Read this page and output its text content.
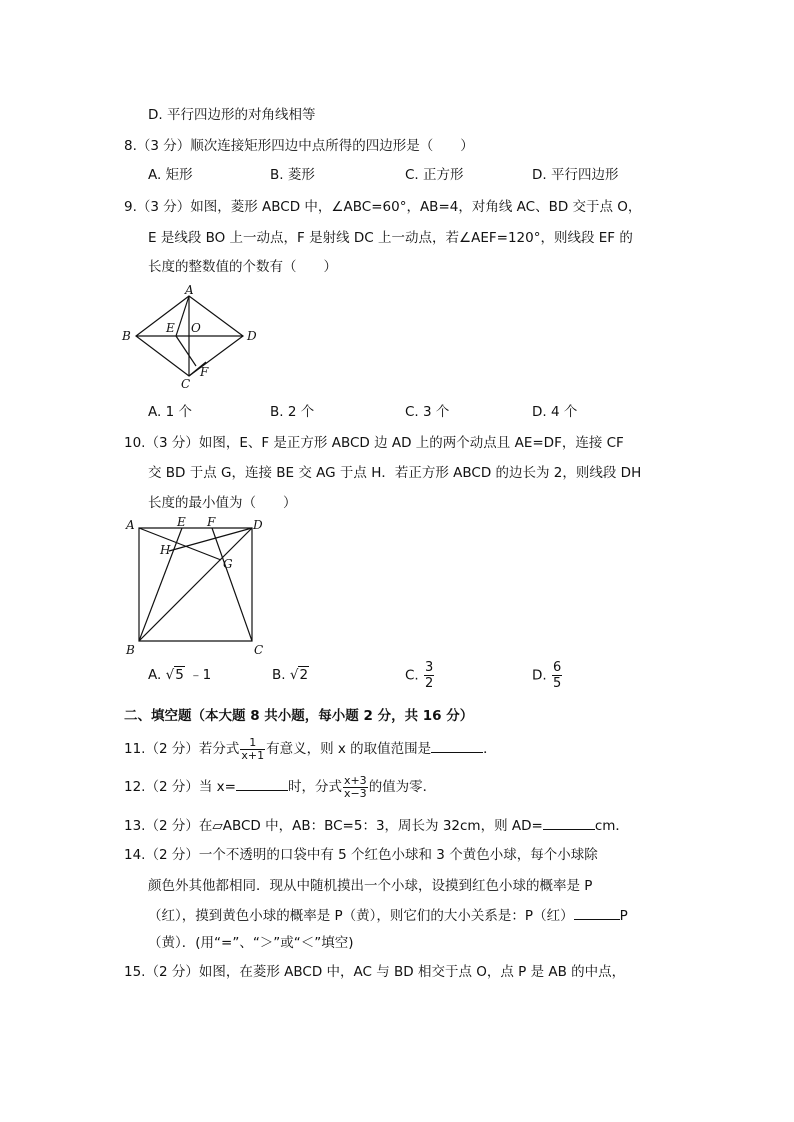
D. 平行四边形的对角线相等
8.（3 分）顺次连接矩形四边中点所得的四边形是（　　）
A. 矩形	B. 菱形	C. 正方形	D. 平行四边形
9.（3 分）如图，菱形 ABCD 中，∠ABC=60°，AB=4，对角线 AC、BD 交于点 O，
E 是线段 BO 上一动点，F 是射线 DC 上一动点，若∠AEF=120°，则线段 EF 的
长度的整数值的个数有（　　）
A
B
C
D
E O
F
A. 1 个	B. 2 个	C. 3 个	D. 4 个
10.（3 分）如图，E、F 是正方形 ABCD 边 AD 上的两个动点且 AE=DF，连接 CF
交 BD 于点 G，连接 BE 交 AG 于点 H．若正方形 ABCD 的边长为 2，则线段 DH
长度的最小值为（　　）
A
B	C
D
E F
G
H
A. √5 ﹣1	B. √2	C. $\frac{3}{2}$	D. $\frac{6}{5}$
二、填空题（本大题 8 共小题，每小题 2 分，共 16 分）
11.（2 分）若分式 $\frac{1}{x+1}$ 有意义，则 x 的取值范围是	．
12.（2 分）当 x=	时，分式 $\frac{x+3}{x-3}$ 的值为零．
13.（2 分）在▱ABCD 中，AB：BC=5：3，周长为 32cm，则 AD=	cm．
14.（2 分）一个不透明的口袋中有 5 个红色小球和 3 个黄色小球，每个小球除
颜色外其他都相同．现从中随机摸出一个小球，设摸到红色小球的概率是 P
（红），摸到黄色小球的概率是 P（黄），则它们的大小关系是：P（红）	P
（黄）．(用“=”、“＞”或“＜”填空)
15.（2 分）如图，在菱形 ABCD 中，AC 与 BD 相交于点 O，点 P 是 AB 的中点，
